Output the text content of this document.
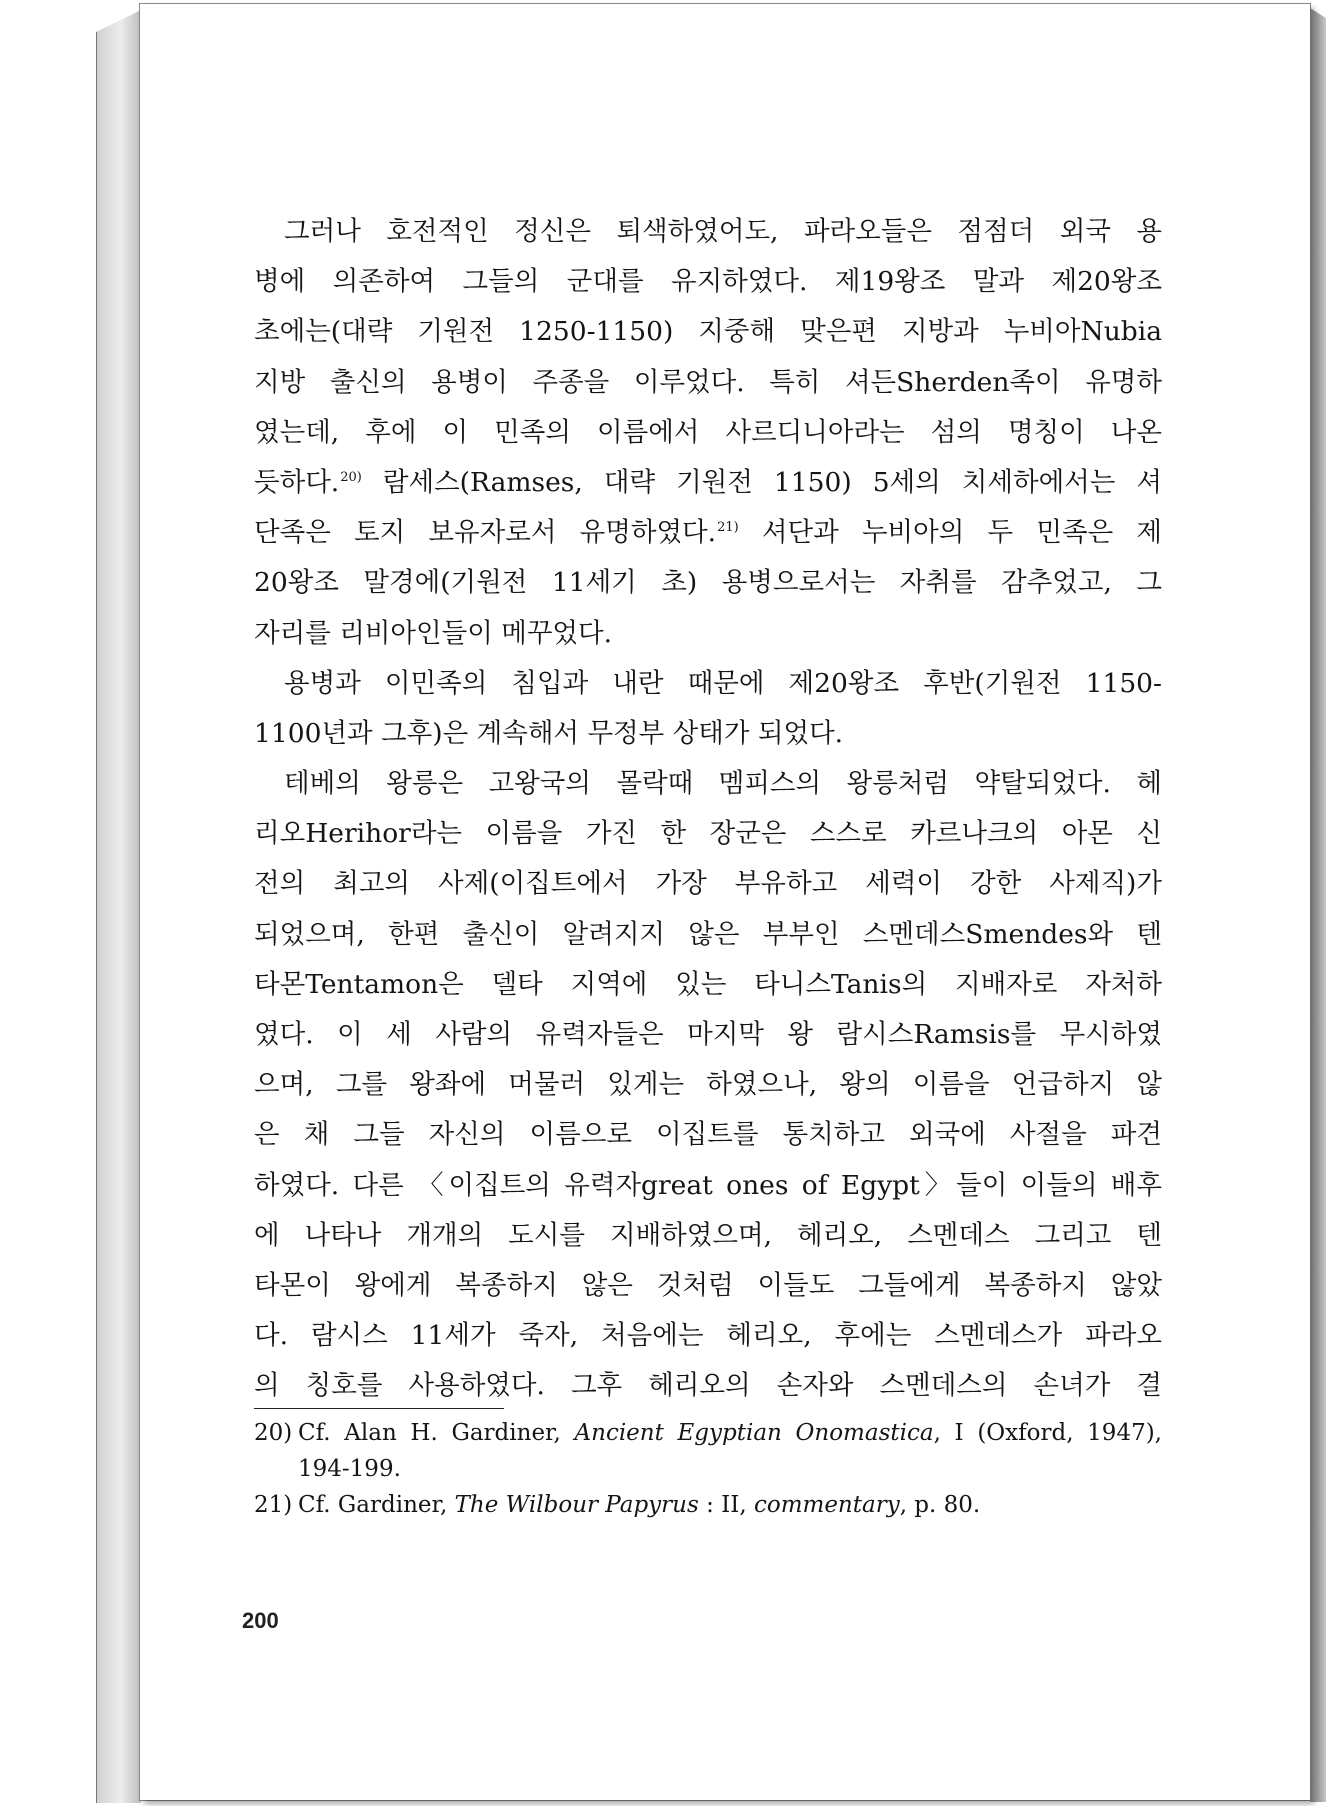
그러나 호전적인 정신은 퇴색하였어도, 파라오들은 점점더 외국 용
병에 의존하여 그들의 군대를 유지하였다. 제19왕조 말과 제20왕조
초에는(대략 기원전 1250-1150) 지중해 맞은편 지방과 누비아Nubia
지방 출신의 용병이 주종을 이루었다. 특히 셔든Sherden족이 유명하
였는데, 후에 이 민족의 이름에서 사르디니아라는 섬의 명칭이 나온
듯하다.$^{20)}$ 람세스(Ramses, 대략 기원전 1150) 5세의 치세하에서는 셔
단족은 토지 보유자로서 유명하였다.$^{21)}$ 셔단과 누비아의 두 민족은 제
20왕조 말경에(기원전 11세기 초) 용병으로서는 자취를 감추었고, 그
자리를 리비아인들이 메꾸었다.
용병과 이민족의 침입과 내란 때문에 제20왕조 후반(기원전 1150-
1100년과 그후)은 계속해서 무정부 상태가 되었다.
테베의 왕릉은 고왕국의 몰락때 멤피스의 왕릉처럼 약탈되었다. 헤
리오Herihor라는 이름을 가진 한 장군은 스스로 카르나크의 아몬 신
전의 최고의 사제(이집트에서 가장 부유하고 세력이 강한 사제직)가
되었으며, 한편 출신이 알려지지 않은 부부인 스멘데스Smendes와 텐
타몬Tentamon은 델타 지역에 있는 타니스Tanis의 지배자로 자처하
였다. 이 세 사람의 유력자들은 마지막 왕 람시스Ramsis를 무시하였
으며, 그를 왕좌에 머물러 있게는 하였으나, 왕의 이름을 언급하지 않
은 채 그들 자신의 이름으로 이집트를 통치하고 외국에 사절을 파견
하였다. 다른 〈이집트의 유력자great ones of Egypt〉들이 이들의 배후
에 나타나 개개의 도시를 지배하였으며, 헤리오, 스멘데스 그리고 텐
타몬이 왕에게 복종하지 않은 것처럼 이들도 그들에게 복종하지 않았
다. 람시스 11세가 죽자, 처음에는 헤리오, 후에는 스멘데스가 파라오
의 칭호를 사용하였다. 그후 헤리오의 손자와 스멘데스의 손녀가 결
20) Cf. Alan H. Gardiner, Ancient Egyptian Onomastica, I (Oxford, 1947),
194-199.
21) Cf. Gardiner, The Wilbour Papyrus : II, commentary, p. 80.
200
